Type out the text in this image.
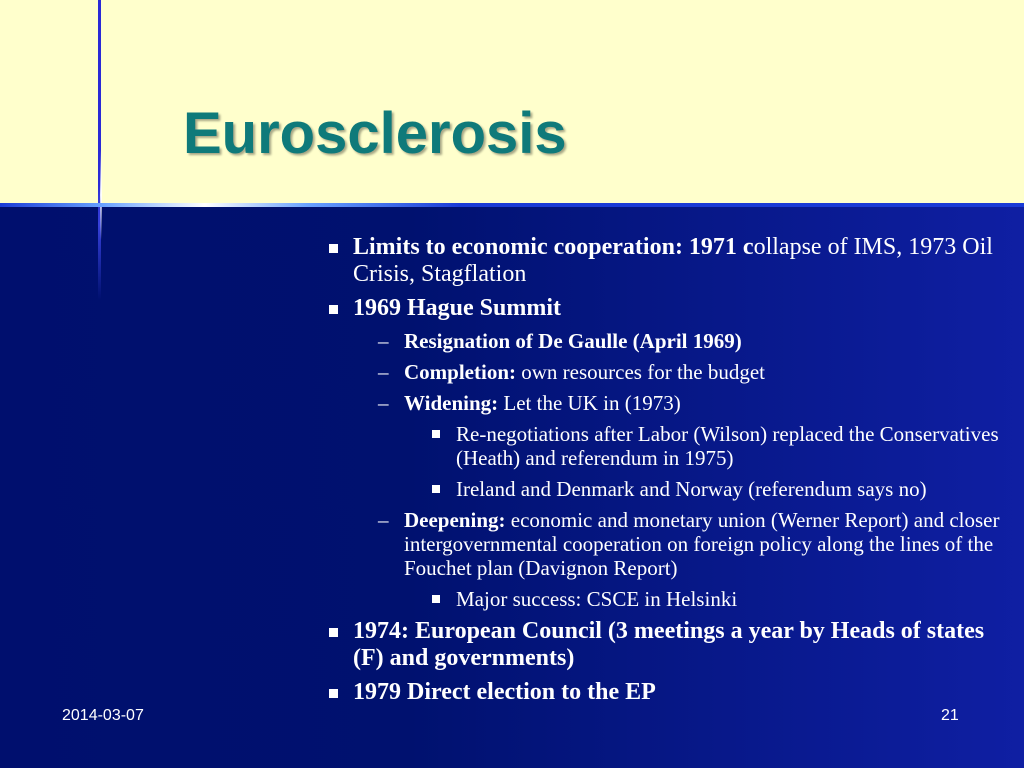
Eurosclerosis
Limits to economic cooperation: 1971 collapse of IMS, 1973 Oil Crisis, Stagflation
1969 Hague Summit
– Resignation of De Gaulle (April 1969)
– Completion: own resources for the budget
– Widening: Let the UK in (1973)
Re-negotiations after Labor (Wilson) replaced the Conservatives (Heath) and referendum in 1975)
Ireland and Denmark and Norway (referendum says no)
– Deepening: economic and monetary union (Werner Report) and closer intergovernmental cooperation on foreign policy along the lines of the Fouchet plan (Davignon Report)
Major success: CSCE in Helsinki
1974: European Council (3 meetings a year by Heads of states (F) and governments)
1979 Direct election to the EP
2014-03-07	21
